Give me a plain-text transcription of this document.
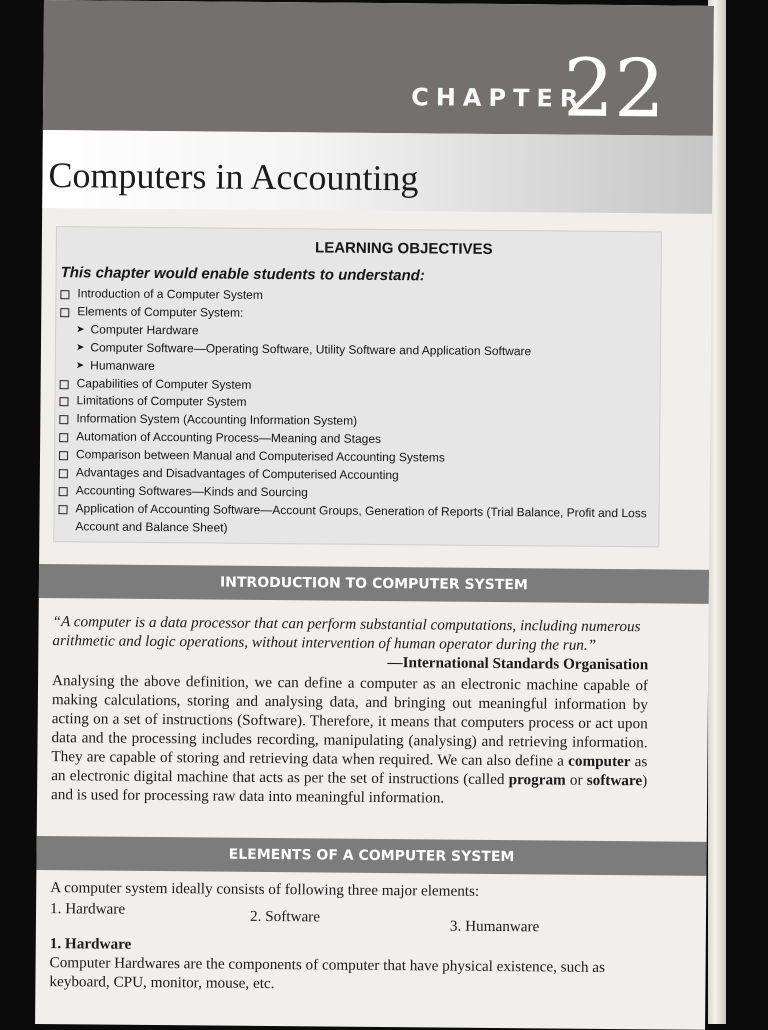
CHAPTER
22
Computers in Accounting
LEARNING OBJECTIVES
This chapter would enable students to understand:
Introduction of a Computer System
Elements of Computer System:
➤ Computer Hardware
➤ Computer Software—Operating Software, Utility Software and Application Software
➤ Humanware
Capabilities of Computer System
Limitations of Computer System
Information System (Accounting Information System)
Automation of Accounting Process—Meaning and Stages
Comparison between Manual and Computerised Accounting Systems
Advantages and Disadvantages of Computerised Accounting
Accounting Softwares—Kinds and Sourcing
Application of Accounting Software—Account Groups, Generation of Reports (Trial Balance, Profit and Loss Account and Balance Sheet)
INTRODUCTION TO COMPUTER SYSTEM

“A computer is a data processor that can perform substantial computations, including numerous arithmetic and logic operations, without intervention of human operator during the run.”

—International Standards Organisation

Analysing the above definition, we can define a computer as an electronic machine capable of making calculations, storing and analysing data, and bringing out meaningful information by acting on a set of instructions (Software). Therefore, it means that computers process or act upon data and the processing includes recording, manipulating (analysing) and retrieving information. They are capable of storing and retrieving data when required. We can also define a computer as an electronic digital machine that acts as per the set of instructions (called program or software) and is used for processing raw data into meaningful information.

ELEMENTS OF A COMPUTER SYSTEM

A computer system ideally consists of following three major elements:

1. Hardware	2. Software
3. Humanware

1. Hardware

Computer Hardwares are the components of computer that have physical existence, such as keyboard, CPU, monitor, mouse, etc.
